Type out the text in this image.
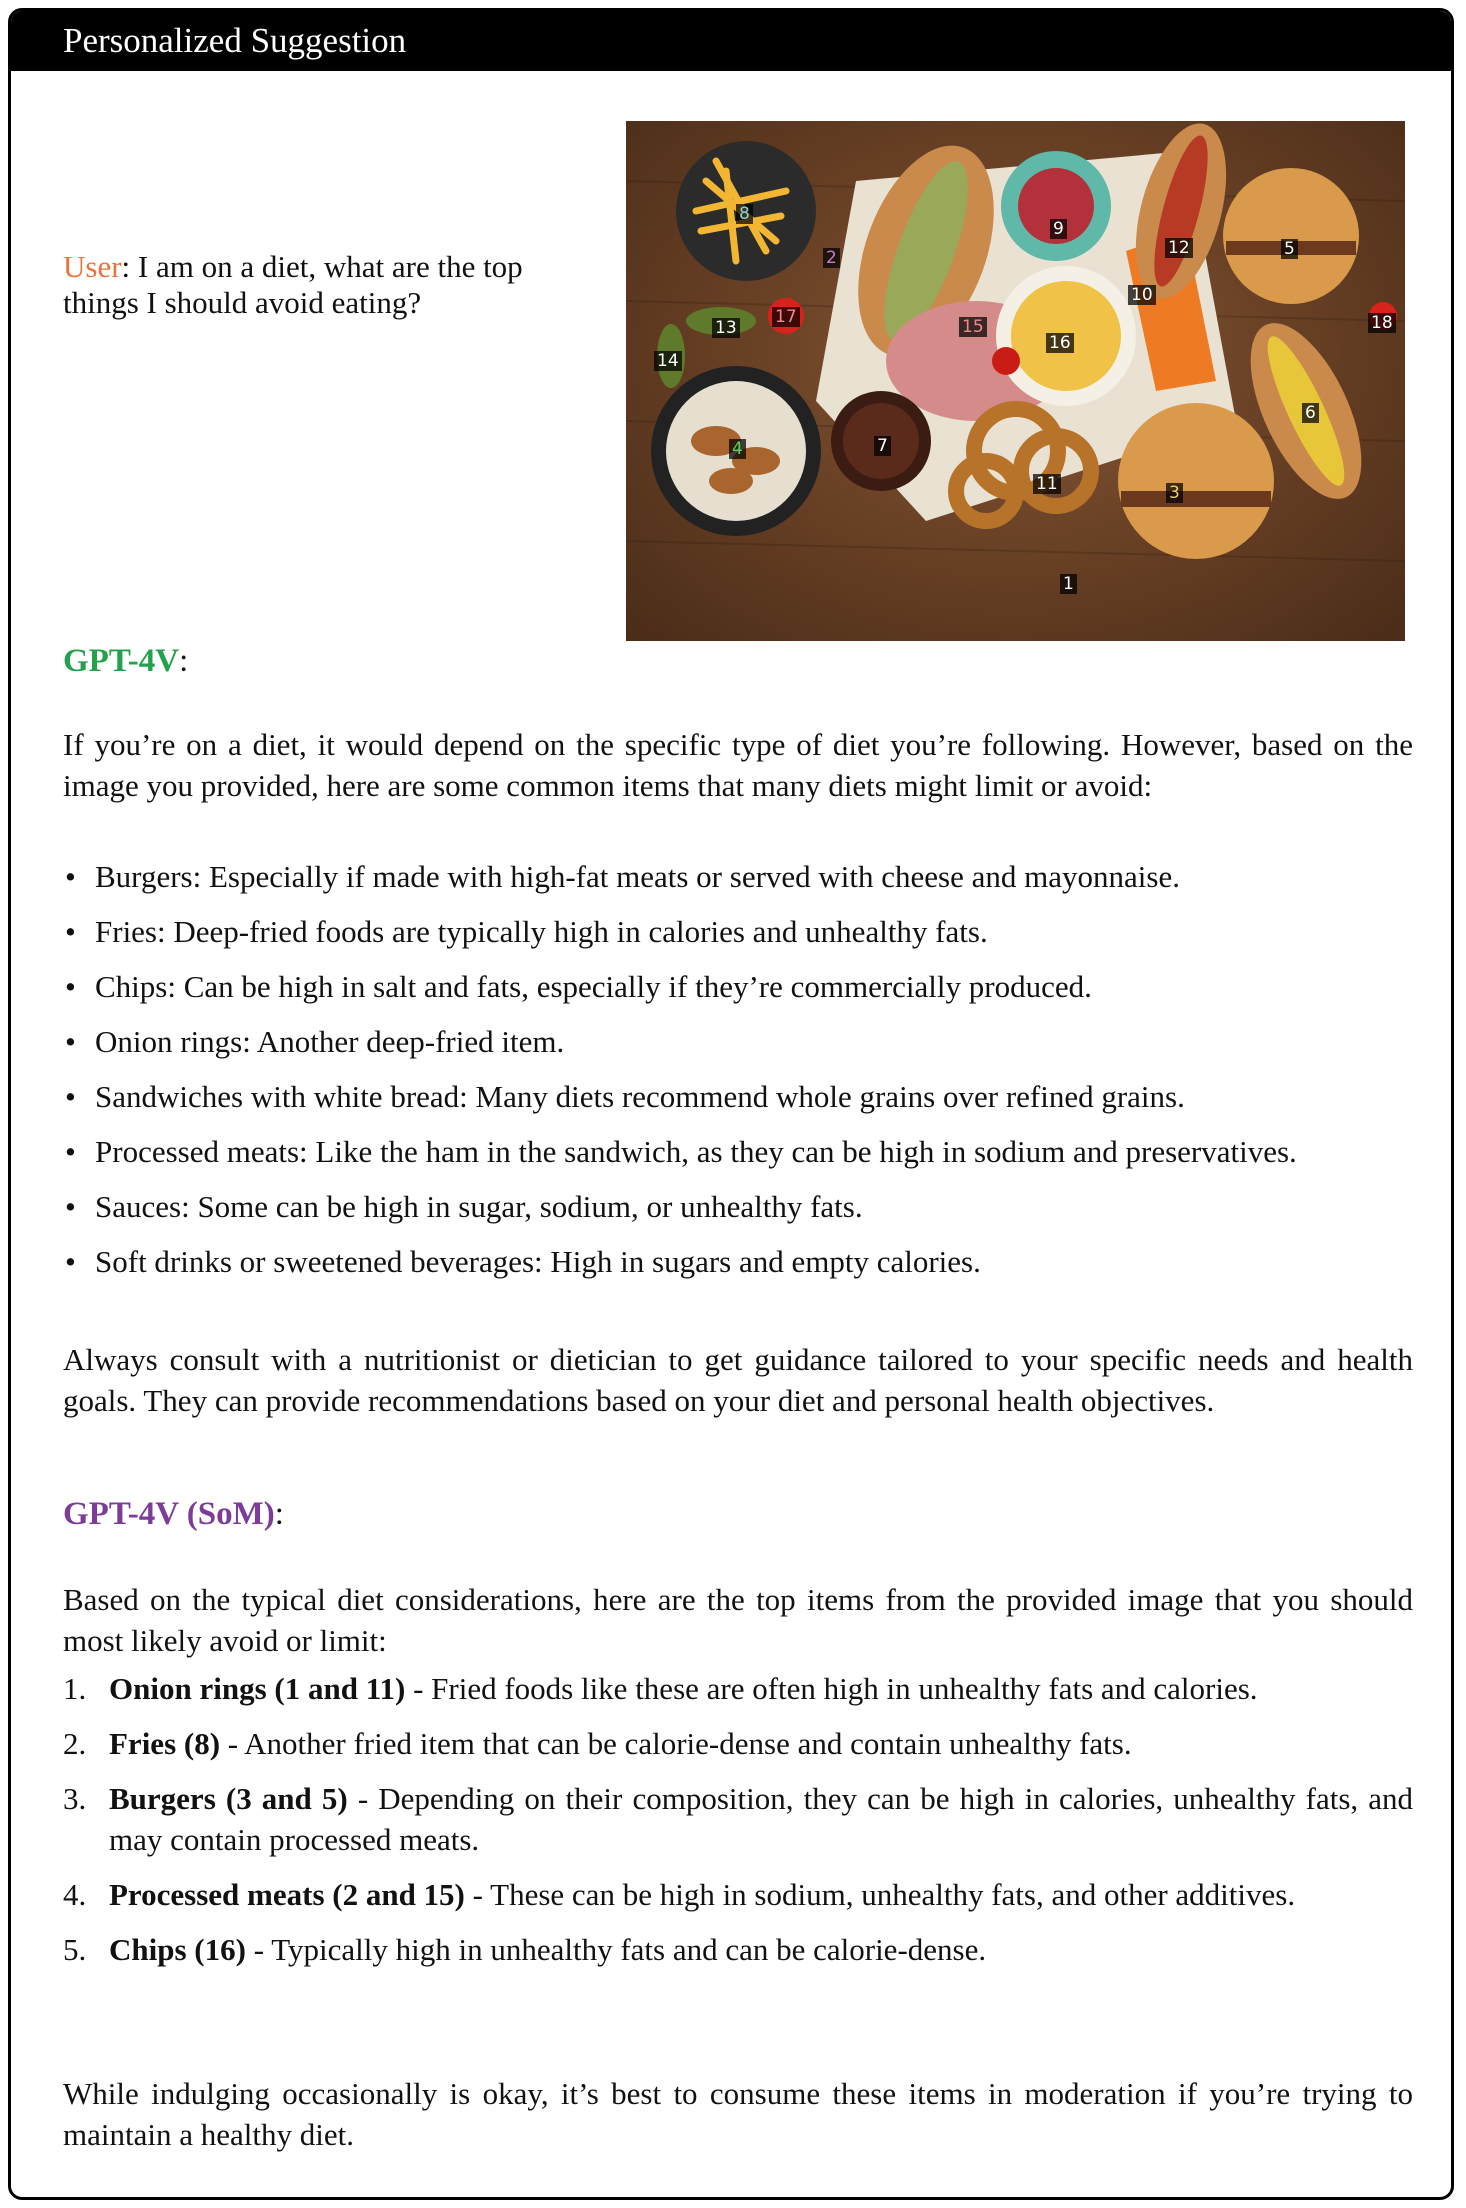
Personalized Suggestion
User: I am on a diet, what are the top things I should avoid eating?
1
2
3
4
5
6
7
8
9
10
11
12
13
14
15
16
17	18
GPT-4V:
If you’re on a diet, it would depend on the specific type of diet you’re following. However, based on the image you provided, here are some common items that many diets might limit or avoid:
• Burgers: Especially if made with high-fat meats or served with cheese and mayonnaise.
• Fries: Deep-fried foods are typically high in calories and unhealthy fats.
• Chips: Can be high in salt and fats, especially if they’re commercially produced.
• Onion rings: Another deep-fried item.
• Sandwiches with white bread: Many diets recommend whole grains over refined grains.
• Processed meats: Like the ham in the sandwich, as they can be high in sodium and preservatives.
• Sauces: Some can be high in sugar, sodium, or unhealthy fats.
• Soft drinks or sweetened beverages: High in sugars and empty calories.
Always consult with a nutritionist or dietician to get guidance tailored to your specific needs and health goals. They can provide recommendations based on your diet and personal health objectives.
GPT-4V (SoM):
Based on the typical diet considerations, here are the top items from the provided image that you should most likely avoid or limit:
1. Onion rings (1 and 11) - Fried foods like these are often high in unhealthy fats and calories.
2. Fries (8) - Another fried item that can be calorie-dense and contain unhealthy fats.
3. Burgers (3 and 5) - Depending on their composition, they can be high in calories, unhealthy fats, and may contain processed meats.
4. Processed meats (2 and 15) - These can be high in sodium, unhealthy fats, and other additives.
5. Chips (16) - Typically high in unhealthy fats and can be calorie-dense.
While indulging occasionally is okay, it’s best to consume these items in moderation if you’re trying to maintain a healthy diet.
